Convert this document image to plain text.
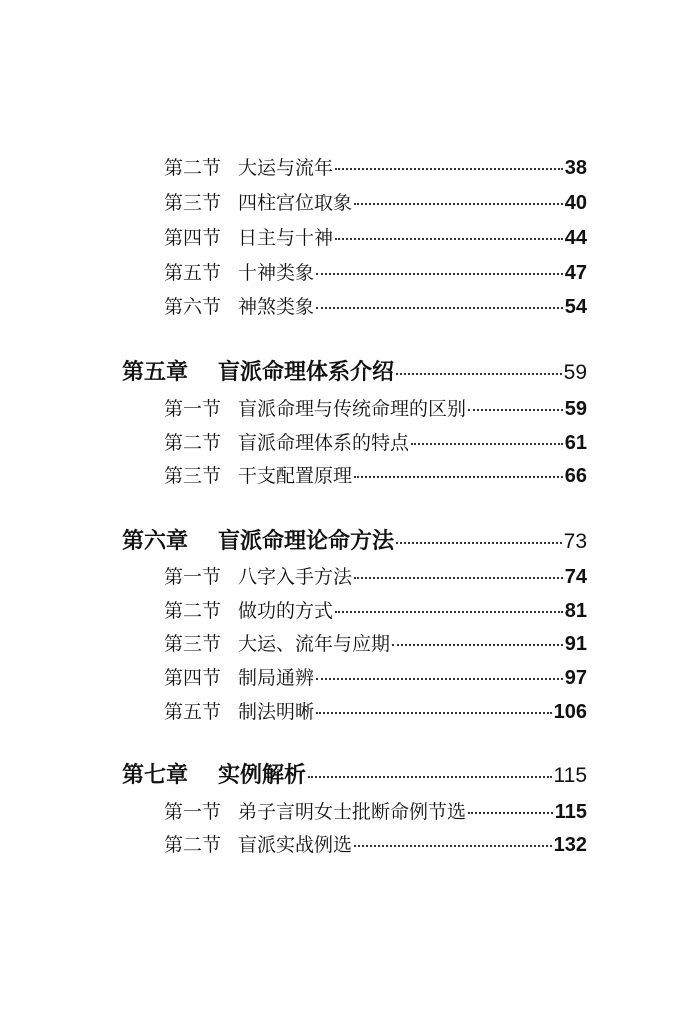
第二节 大运与流年	38
第三节 四柱宫位取象	40
第四节 日主与十神	44
第五节 十神类象	47
第六节 神煞类象	54
第五章 盲派命理体系介绍	59
第一节 盲派命理与传统命理的区别	59
第二节 盲派命理体系的特点	61
第三节 干支配置原理	66
第六章 盲派命理论命方法	73
第一节 八字入手方法	74
第二节 做功的方式	81
第三节 大运、流年与应期	91
第四节 制局通辨	97
第五节 制法明晰	106
第七章 实例解析	115
第一节 弟子言明女士批断命例节选	115
第二节 盲派实战例选	132
